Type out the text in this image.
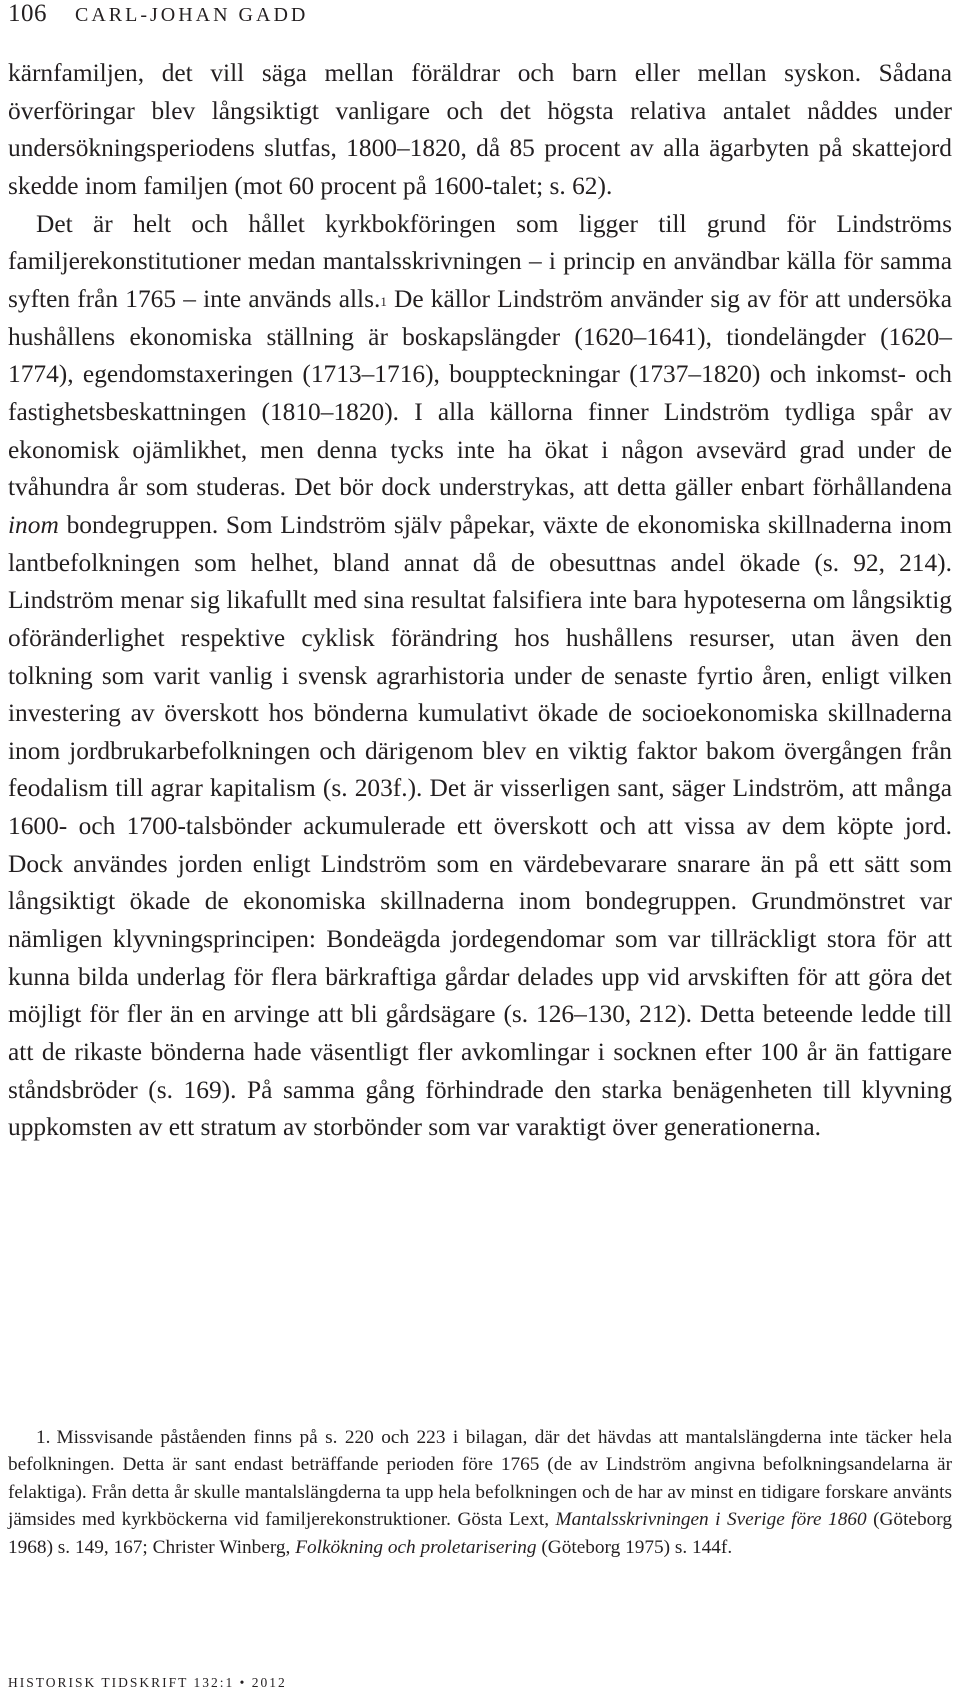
106 CARL-JOHAN GADD

kärnfamiljen, det vill säga mellan föräldrar och barn eller mellan syskon. Sådana överföringar blev långsiktigt vanligare och det högsta relativa antalet nåddes under undersökningsperiodens slutfas, 1800–1820, då 85 procent av alla ägarbyten på skattejord skedde inom familjen (mot 60 procent på 1600-talet; s. 62).

Det är helt och hållet kyrkbokföringen som ligger till grund för Lindströms familjerekonstitutioner medan mantalsskrivningen – i princip en användbar källa för samma syften från 1765 – inte används alls.$^1$ De källor Lindström använder sig av för att undersöka hushållens ekonomiska ställning är boskapslängder (1620–1641), tiondelängder (1620–1774), egendomstaxeringen (1713–1716), bouppteckningar (1737–1820) och inkomst- och fastighetsbeskattningen (1810–1820). I alla källorna finner Lindström tydliga spår av ekonomisk ojämlikhet, men denna tycks inte ha ökat i någon avsevärd grad under de tvåhundra år som studeras. Det bör dock understrykas, att detta gäller enbart förhållandena inom bondegruppen. Som Lindström själv påpekar, växte de ekonomiska skillnaderna inom lantbefolkningen som helhet, bland annat då de obesuttnas andel ökade (s. 92, 214). Lindström menar sig likafullt med sina resultat falsifiera inte bara hypoteserna om långsiktig oföränderlighet respektive cyklisk förändring hos hushållens resurser, utan även den tolkning som varit vanlig i svensk agrarhistoria under de senaste fyrtio åren, enligt vilken investering av överskott hos bönderna kumulativt ökade de socioekonomiska skillnaderna inom jordbrukarbefolkningen och därigenom blev en viktig faktor bakom övergången från feodalism till agrar kapitalism (s. 203f.). Det är visserligen sant, säger Lindström, att många 1600- och 1700-talsbönder ackumulerade ett överskott och att vissa av dem köpte jord. Dock användes jorden enligt Lindström som en värdebevarare snarare än på ett sätt som långsiktigt ökade de ekonomiska skillnaderna inom bondegruppen. Grundmönstret var nämligen klyvningsprincipen: Bondeägda jordegendomar som var tillräckligt stora för att kunna bilda underlag för flera bärkraftiga gårdar delades upp vid arvskiften för att göra det möjligt för fler än en arvinge att bli gårdsägare (s. 126–130, 212). Detta beteende ledde till att de rikaste bönderna hade väsentligt fler avkomlingar i socknen efter 100 år än fattigare ståndsbröder (s. 169). På samma gång förhindrade den starka benägenheten till klyvning uppkomsten av ett stratum av storbönder som var varaktigt över generationerna.

1. Missvisande påståenden finns på s. 220 och 223 i bilagan, där det hävdas att mantalslängderna inte täcker hela befolkningen. Detta är sant endast beträffande perioden före 1765 (de av Lindström angivna befolkningsandelarna är felaktiga). Från detta år skulle mantalslängderna ta upp hela befolkningen och de har av minst en tidigare forskare använts jämsides med kyrkböckerna vid familjerekonstruktioner. Gösta Lext, Mantalsskrivningen i Sverige före 1860 (Göteborg 1968) s. 149, 167; Christer Winberg, Folkökning och proletarisering (Göteborg 1975) s. 144f.

HISTORISK TIDSKRIFT 132:1 • 2012
